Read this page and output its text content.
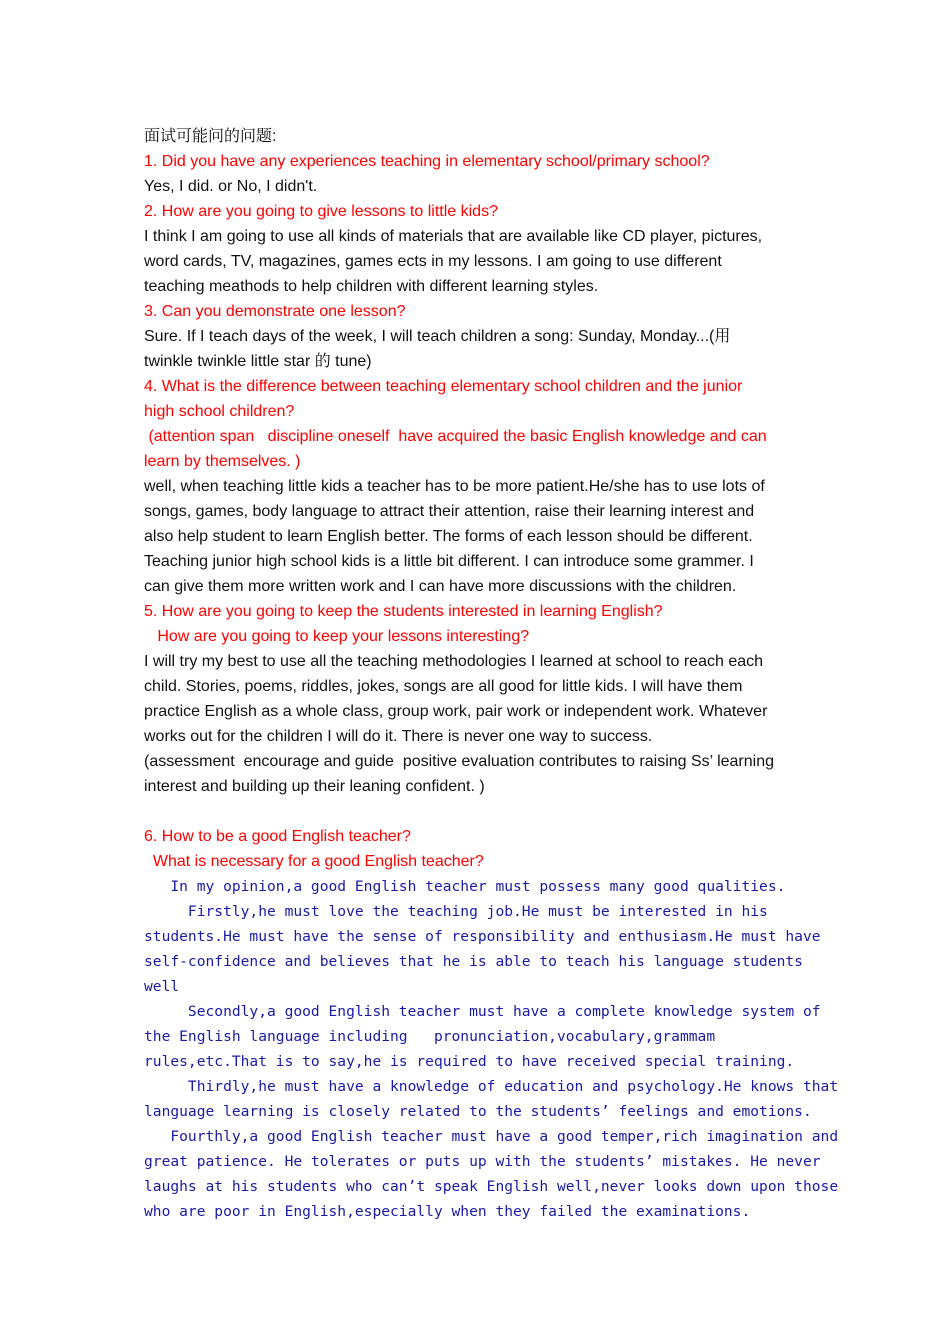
面试可能问的问题:
1. Did you have any experiences teaching in elementary school/primary school?
Yes, I did. or No, I didn't.
2. How are you going to give lessons to little kids?
I think I am going to use all kinds of materials that are available like CD player, pictures,
word cards, TV, magazines, games ects in my lessons. I am going to use different
teaching meathods to help children with different learning styles.
3. Can you demonstrate one lesson?
Sure. If I teach days of the week, I will teach children a song: Sunday, Monday...(用
twinkle twinkle little star 的 tune)
4. What is the difference between teaching elementary school children and the junior
high school children?
(attention span   discipline oneself  have acquired the basic English knowledge and can
learn by themselves. )
well, when teaching little kids a teacher has to be more patient.He/she has to use lots of
songs, games, body language to attract their attention, raise their learning interest and
also help student to learn English better. The forms of each lesson should be different.
Teaching junior high school kids is a little bit different. I can introduce some grammer. I
can give them more written work and I can have more discussions with the children.
5. How are you going to keep the students interested in learning English?
How are you going to keep your lessons interesting?
I will try my best to use all the teaching methodologies I learned at school to reach each
child. Stories, poems, riddles, jokes, songs are all good for little kids. I will have them
practice English as a whole class, group work, pair work or independent work. Whatever
works out for the children I will do it. There is never one way to success.
(assessment  encourage and guide  positive evaluation contributes to raising Ss’ learning
interest and building up their leaning confident. )
6. How to be a good English teacher?
What is necessary for a good English teacher?
In my opinion,a good English teacher must possess many good qualities.
Firstly,he must love the teaching job.He must be interested in his
students.He must have the sense of responsibility and enthusiasm.He must have
self-confidence and believes that he is able to teach his language students
well
Secondly,a good English teacher must have a complete knowledge system of
the English language including   pronunciation,vocabulary,grammam
rules,etc.That is to say,he is required to have received special training.
Thirdly,he must have a knowledge of education and psychology.He knows that
language learning is closely related to the students’ feelings and emotions.
Fourthly,a good English teacher must have a good temper,rich imagination and
great patience. He tolerates or puts up with the students’ mistakes. He never
laughs at his students who can’t speak English well,never looks down upon those
who are poor in English,especially when they failed the examinations.
